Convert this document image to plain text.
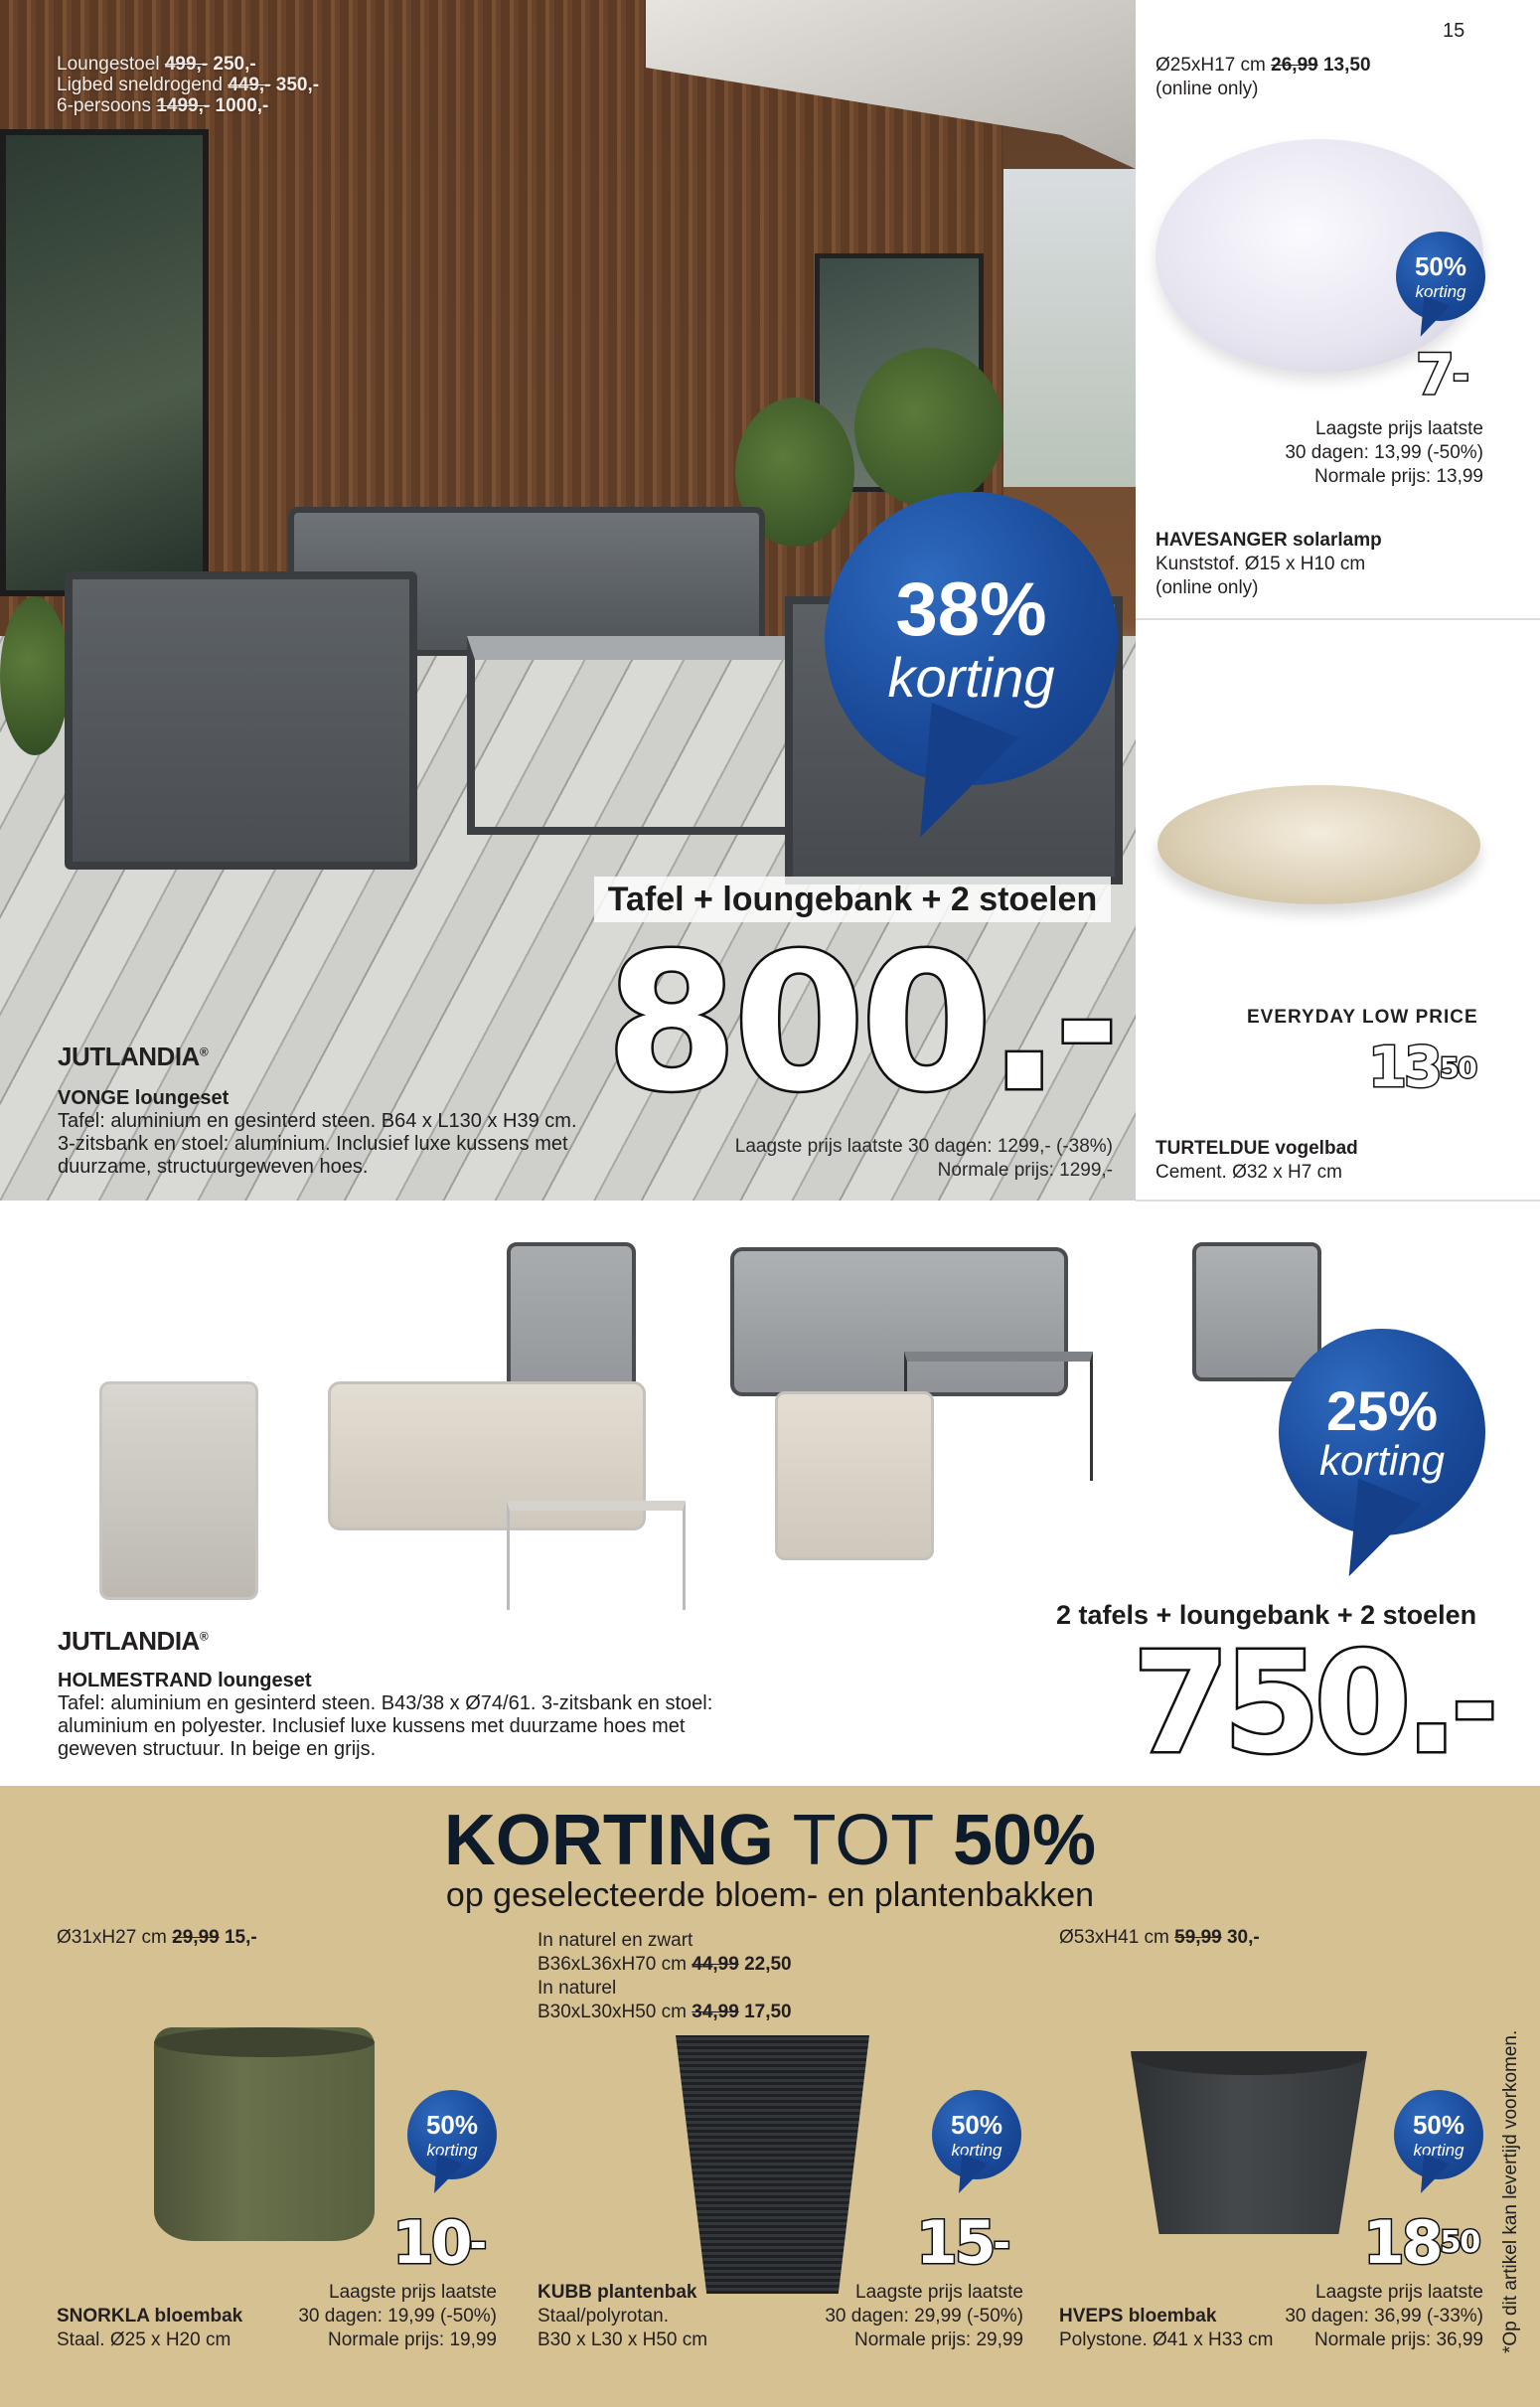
Loungestoel 499,- 250,-
Ligbed sneldrogend 449,- 350,-
6-persoons 1499,- 1000,-
38%
korting
Tafel + loungebank + 2 stoelen
800.-
Laagste prijs laatste 30 dagen: 1299,- (-38%)
Normale prijs: 1299,-
JUTLANDIA®
VONGE loungeset
Tafel: aluminium en gesinterd steen. B64 x L130 x H39 cm.
3-zitsbank en stoel: aluminium. Inclusief luxe kussens met
duurzame, structuurgeweven hoes.
15
Ø25xH17 cm 26,99 13,50
(online only)
50%
korting
7-
Laagste prijs laatste
30 dagen: 13,99 (-50%)
Normale prijs: 13,99
HAVESANGER solarlamp
Kunststof. Ø15 x H10 cm
(online only)
EVERYDAY LOW PRICE
$13^{50}$
TURTELDUE vogelbad
Cement. Ø32 x H7 cm
25%
korting
2 tafels + loungebank + 2 stoelen
750.-
JUTLANDIA®
HOLMESTRAND loungeset
Tafel: aluminium en gesinterd steen. B43/38 x Ø74/61. 3-zitsbank en stoel:
aluminium en polyester. Inclusief luxe kussens met duurzame hoes met
geweven structuur. In beige en grijs.
KORTING TOT 50%
op geselecteerde bloem- en plantenbakken
Ø31xH27 cm 29,99 15,-
50%
korting
10-
Laagste prijs laatste
30 dagen: 19,99 (-50%)
Normale prijs: 19,99
SNORKLA bloembak
Staal. Ø25 x H20 cm
In naturel en zwart
B36xL36xH70 cm 44,99 22,50
In naturel
B30xL30xH50 cm 34,99 17,50
50%
korting
15-
Laagste prijs laatste
30 dagen: 29,99 (-50%)
Normale prijs: 29,99
KUBB plantenbak
Staal/polyrotan.
B30 x L30 x H50 cm
Ø53xH41 cm 59,99 30,-
50%
korting
$18^{50}$
Laagste prijs laatste
30 dagen: 36,99 (-33%)
Normale prijs: 36,99
HVEPS bloembak
Polystone. Ø41 x H33 cm	*Op dit artikel kan levertijd voorkomen.
